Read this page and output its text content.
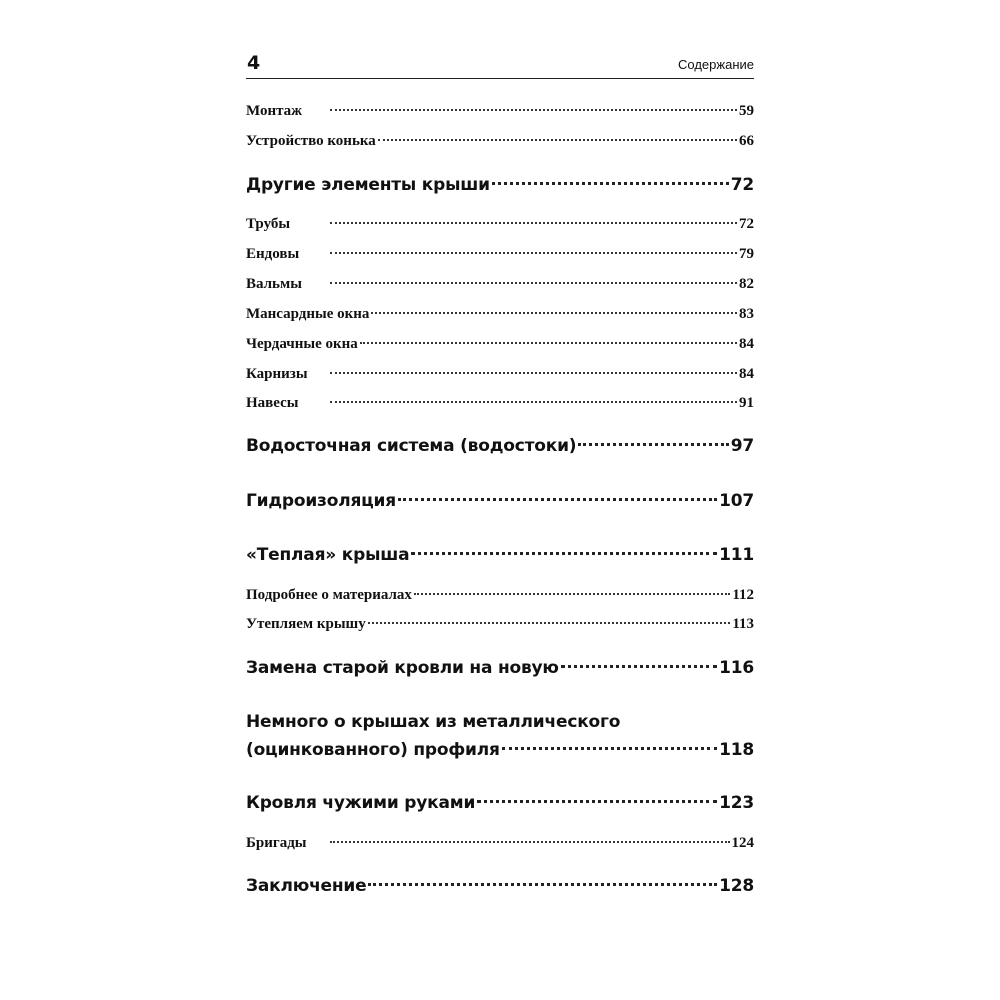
4	Содержание
Монтаж	59
Устройство конька	66
Другие элементы крыши	72
Трубы	72
Ендовы	79
Вальмы	82
Мансардные окна	83
Чердачные окна	84
Карнизы	84
Навесы	91
Водосточная система (водостоки)	97
Гидроизоляция	107
«Теплая» крыша	111
Подробнее о материалах	112
Утепляем крышу	113
Замена старой кровли на новую	116
Немного о крышах из металлического
(оцинкованного) профиля	118
Кровля чужими руками	123
Бригады	124
Заключение	128
